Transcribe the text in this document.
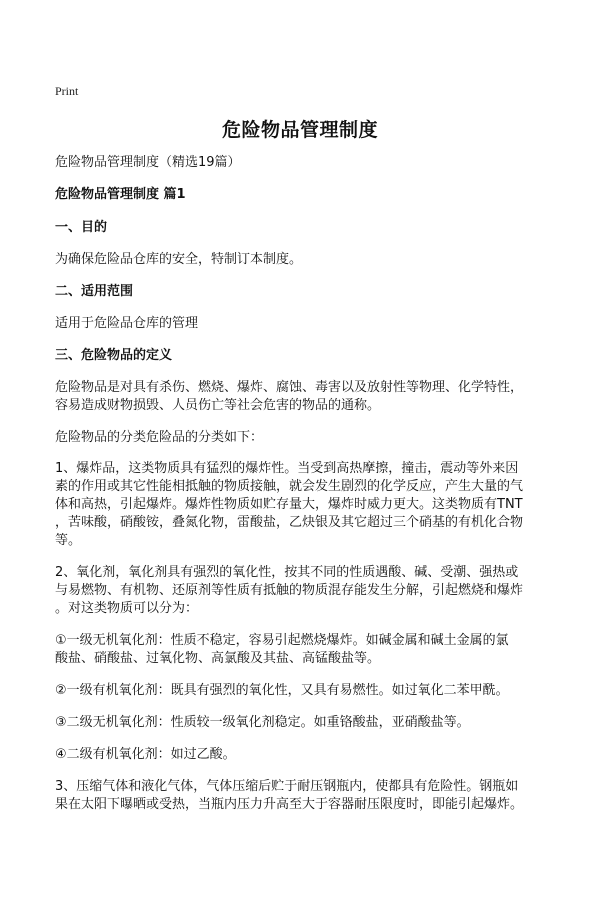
Print
危险物品管理制度

危险物品管理制度（精选19篇）

危险物品管理制度 篇1

一、目的

为确保危险品仓库的安全，特制订本制度。

二、适用范围

适用于危险品仓库的管理

三、危险物品的定义

危险物品是对具有杀伤、燃烧、爆炸、腐蚀、毒害以及放射性等物理、化学特性，

容易造成财物损毁、人员伤亡等社会危害的物品的通称。

危险物品的分类危险品的分类如下：

1、爆炸品，这类物质具有猛烈的爆炸性。当受到高热摩擦，撞击，震动等外来因

素的作用或其它性能相抵触的物质接触，就会发生剧烈的化学反应，产生大量的气

体和高热，引起爆炸。爆炸性物质如贮存量大，爆炸时威力更大。这类物质有TNT

，苦味酸，硝酸铵，叠氮化物，雷酸盐，乙炔银及其它超过三个硝基的有机化合物

等。

2、氧化剂，氧化剂具有强烈的氧化性，按其不同的性质遇酸、碱、受潮、强热或

与易燃物、有机物、还原剂等性质有抵触的物质混存能发生分解，引起燃烧和爆炸

。对这类物质可以分为：

①一级无机氧化剂：性质不稳定，容易引起燃烧爆炸。如碱金属和碱土金属的氯

酸盐、硝酸盐、过氧化物、高氯酸及其盐、高锰酸盐等。

②一级有机氧化剂：既具有强烈的氧化性，又具有易燃性。如过氧化二苯甲酰。

③二级无机氧化剂：性质较一级氧化剂稳定。如重铬酸盐，亚硝酸盐等。

④二级有机氧化剂：如过乙酸。

3、压缩气体和液化气体，气体压缩后贮于耐压钢瓶内，使都具有危险性。钢瓶如

果在太阳下曝晒或受热，当瓶内压力升高至大于容器耐压限度时，即能引起爆炸。
